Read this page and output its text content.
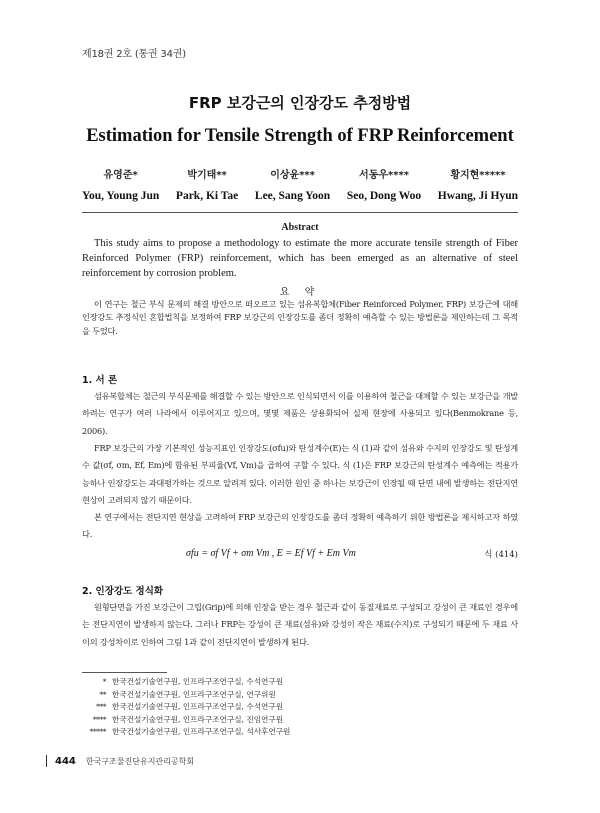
제18권 2호 (통권 34권)
FRP 보강근의 인장강도 추정방법
Estimation for Tensile Strength of FRP Reinforcement
유영준*
You, Young Jun
박기태**
Park, Ki Tae
이상윤***
Lee, Sang Yoon
서동우****
Seo, Dong Woo
황지현*****
Hwang, Ji Hyun
Abstract
This study aims to propose a methodology to estimate the more accurate tensile strength of Fiber Reinforced Polymer (FRP) reinforcement, which has been emerged as an alternative of steel reinforcement by corrosion problem.
요 약
이 연구는 철근 부식 문제의 해결 방안으로 떠오르고 있는 섬유복합체(Fiber Reinforced Polymer, FRP) 보강근에 대해 인장강도 추정식인 혼합법칙을 보정하여 FRP 보강근의 인장강도를 좀더 정확히 예측할 수 있는 방법론을 제안하는데 그 목적을 두었다.
1. 서 론
섬유복합체는 철근의 부식문제를 해결할 수 있는 방안으로 인식되면서 이를 이용하여 철근을 대체할 수 있는 보강근을 개발하려는 연구가 여러 나라에서 이루어지고 있으며, 몇몇 제품은 상용화되어 실제 현장에 사용되고 있다(Benmokrane 등, 2006).
FRP 보강근의 가장 기본적인 성능지표인 인장강도(σfu)와 탄성계수(E)는 식 (1)과 같이 섬유와 수지의 인장강도 및 탄성계수 값(σf, σm, Ef, Em)에 함유된 부피율(Vf, Vm)을 곱하여 구할 수 있다. 식 (1)은 FRP 보강근의 탄성계수 예측에는 적용가능하나 인장강도는 과대평가하는 것으로 알려져 있다. 이러한 원인 중 하나는 보강근이 인장될 때 단면 내에 발생하는 전단지연 현상이 고려되지 않기 때문이다.
본 연구에서는 전단지연 현상을 고려하여 FRP 보강근의 인장강도를 좀더 정확히 예측하기 위한 방법론을 제시하고자 하였다.
σfu = σf Vf + σm Vm , E = Ef Vf + Em Vm	식 (414)
2. 인장강도 정식화
원형단면을 가진 보강근이 그립(Grip)에 의해 인장을 받는 경우 철근과 같이 동질재료로 구성되고 강성이 큰 재료인 경우에는 전단지연이 발생하지 않는다. 그러나 FRP는 강성이 큰 재료(섬유)와 강성이 작은 재료(수지)로 구성되기 때문에 두 재료 사이의 강성차이로 인하여 그림 1과 같이 전단지연이 발생하게 된다.
* 한국건설기술연구원, 인프라구조연구실, 수석연구원
** 한국건설기술연구원, 인프라구조연구실, 연구위원
*** 한국건설기술연구원, 인프라구조연구실, 수석연구원
**** 한국건설기술연구원, 인프라구조연구실, 진임연구원
***** 한국건설기술연구원, 인프라구조연구실, 석사후연구원
444 한국구조물진단유지관리공학회
